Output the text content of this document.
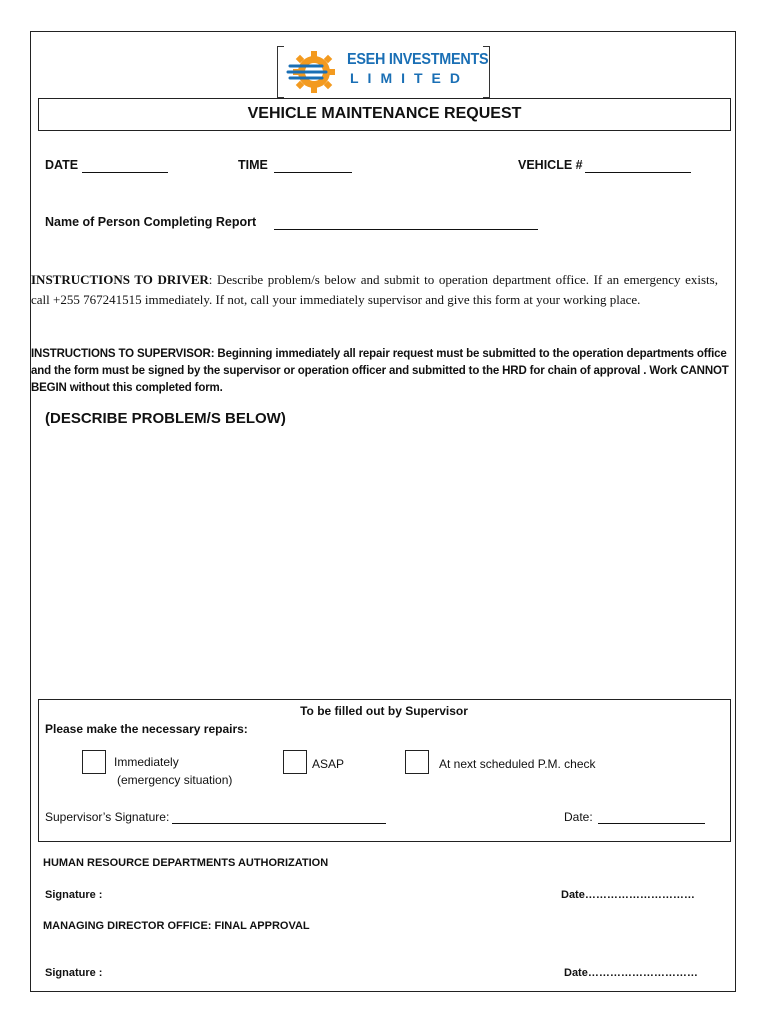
ESEH INVESTMENTS
LIMITED
VEHICLE MAINTENANCE REQUEST
DATE	TIME	VEHICLE #
Name of Person Completing Report
INSTRUCTIONS TO DRIVER: Describe problem/s below and submit to operation department office. If an emergency exists, call +255 767241515 immediately. If not, call your immediately supervisor and give this form at your working place.
INSTRUCTIONS TO SUPERVISOR: Beginning immediately all repair request must be submitted to the operation departments office and the form must be signed by the supervisor or operation officer and submitted to the HRD for chain of approval . Work CANNOT BEGIN without this completed form.
(DESCRIBE PROBLEM/S BELOW)
To be filled out by Supervisor
Please make the necessary repairs:
Immediately
(emergency situation)
ASAP	At next scheduled P.M. check
Supervisor’s Signature:	Date:
HUMAN RESOURCE DEPARTMENTS AUTHORIZATION
Signature :	Date…………………………
MANAGING DIRECTOR OFFICE: FINAL APPROVAL
Signature :	Date…………………………
